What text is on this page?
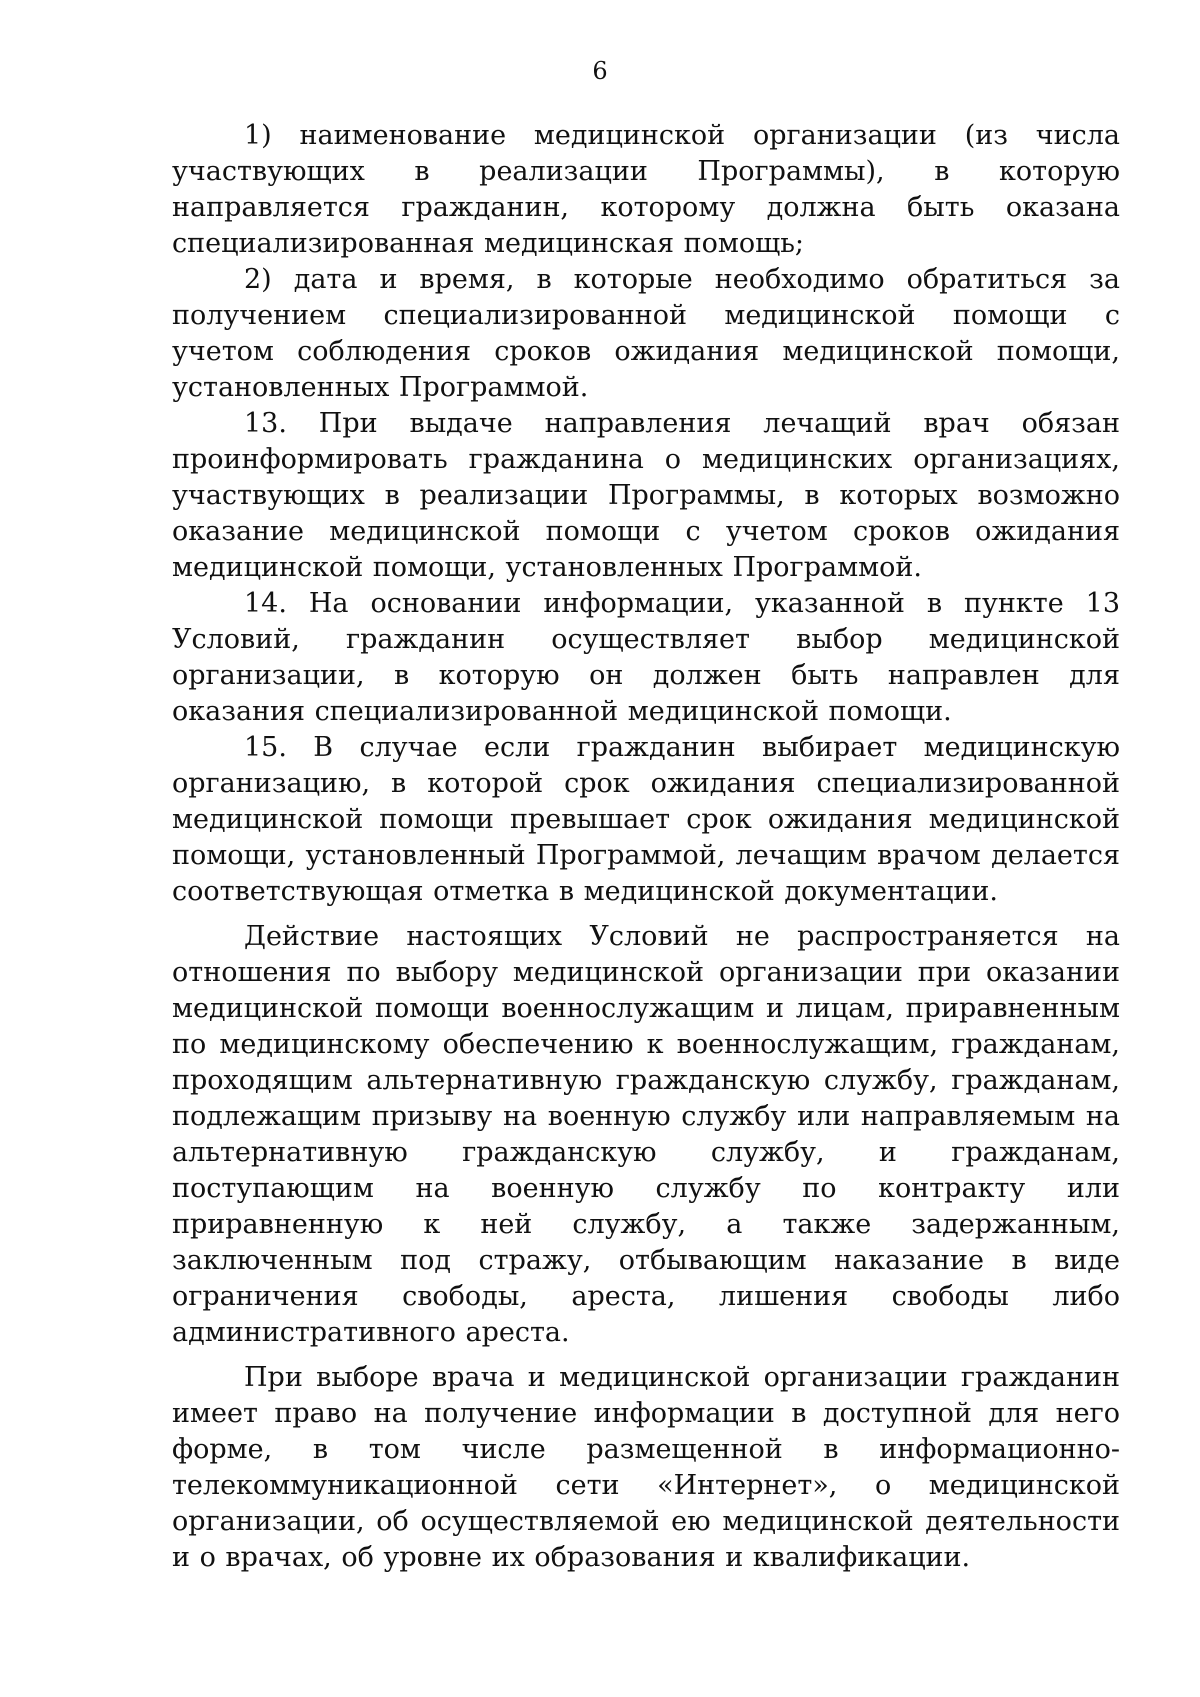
6

1) наименование медицинской организации (из числа участвующих в реализации Программы), в которую направляется гражданин, которому должна быть оказана специализированная медицинская помощь;

2) дата и время, в которые необходимо обратиться за получением специализированной медицинской помощи с учетом соблюдения сроков ожидания медицинской помощи, установленных Программой.

13. При выдаче направления лечащий врач обязан проинформировать гражданина о медицинских организациях, участвующих в реализации Программы, в которых возможно оказание медицинской помощи с учетом сроков ожидания медицинской помощи, установленных Программой.

14. На основании информации, указанной в пункте 13 Условий, гражданин осуществляет выбор медицинской организации, в которую он должен быть направлен для оказания специализированной медицинской помощи.

15. В случае если гражданин выбирает медицинскую организацию, в которой срок ожидания специализированной медицинской помощи превышает срок ожидания медицинской помощи, установленный Программой, лечащим врачом делается соответствующая отметка в медицинской документации.

Действие настоящих Условий не распространяется на отношения по выбору медицинской организации при оказании медицинской помощи военнослужащим и лицам, приравненным по медицинскому обеспечению к военнослужащим, гражданам, проходящим альтернативную гражданскую службу, гражданам, подлежащим призыву на военную службу или направляемым на альтернативную гражданскую службу, и гражданам, поступающим на военную службу по контракту или приравненную к ней службу, а также задержанным, заключенным под стражу, отбывающим наказание в виде ограничения свободы, ареста, лишения свободы либо административного ареста.

При выборе врача и медицинской организации гражданин имеет право на получение информации в доступной для него форме, в том числе размещенной в информационно-телекоммуникационной сети «Интернет», о медицинской организации, об осуществляемой ею медицинской деятельности и о врачах, об уровне их образования и квалификации.
